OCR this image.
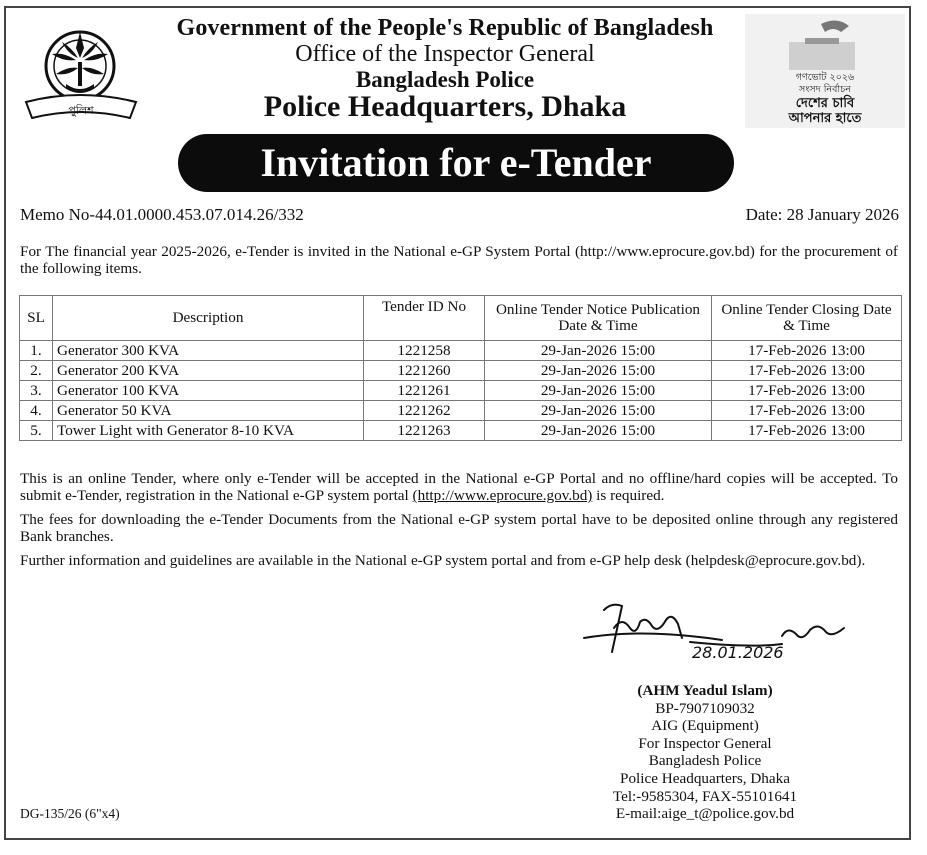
পুলিশ
গণভোট ২০২৬
সংসদ নির্বাচন
দেশের চাবি
আপনার হাতে
Government of the People's Republic of Bangladesh
Office of the Inspector General
Bangladesh Police
Police Headquarters, Dhaka
Invitation for e-Tender
Memo No-44.01.0000.453.07.014.26/332	Date: 28 January 2026
For The financial year 2025-2026, e-Tender is invited in the National e-GP System Portal (http://www.eprocure.gov.bd) for the procurement of the following items.
SL	Description	Tender ID No	Online Tender Notice Publication Date & Time	Online Tender Closing Date & Time
1.	Generator 300 KVA	1221258	29-Jan-2026 15:00	17-Feb-2026 13:00
2.	Generator 200 KVA	1221260	29-Jan-2026 15:00	17-Feb-2026 13:00
3.	Generator 100 KVA	1221261	29-Jan-2026 15:00	17-Feb-2026 13:00
4.	Generator 50 KVA	1221262	29-Jan-2026 15:00	17-Feb-2026 13:00
5.	Tower Light with Generator 8-10 KVA	1221263	29-Jan-2026 15:00	17-Feb-2026 13:00
This is an online Tender, where only e-Tender will be accepted in the National e-GP Portal and no offline/hard copies will be accepted. To submit e-Tender, registration in the National e-GP system portal (http://www.eprocure.gov.bd) is required.
The fees for downloading the e-Tender Documents from the National e-GP system portal have to be deposited online through any registered Bank branches.
Further information and guidelines are available in the National e-GP system portal and from e-GP help desk (helpdesk@eprocure.gov.bd).
28.01.2026
(AHM Yeadul Islam)
BP-7907109032
AIG (Equipment)
For Inspector General
Bangladesh Police
Police Headquarters, Dhaka
Tel:-9585304, FAX-55101641
E-mail:aige_t@police.gov.bd
DG-135/26 (6"x4)
